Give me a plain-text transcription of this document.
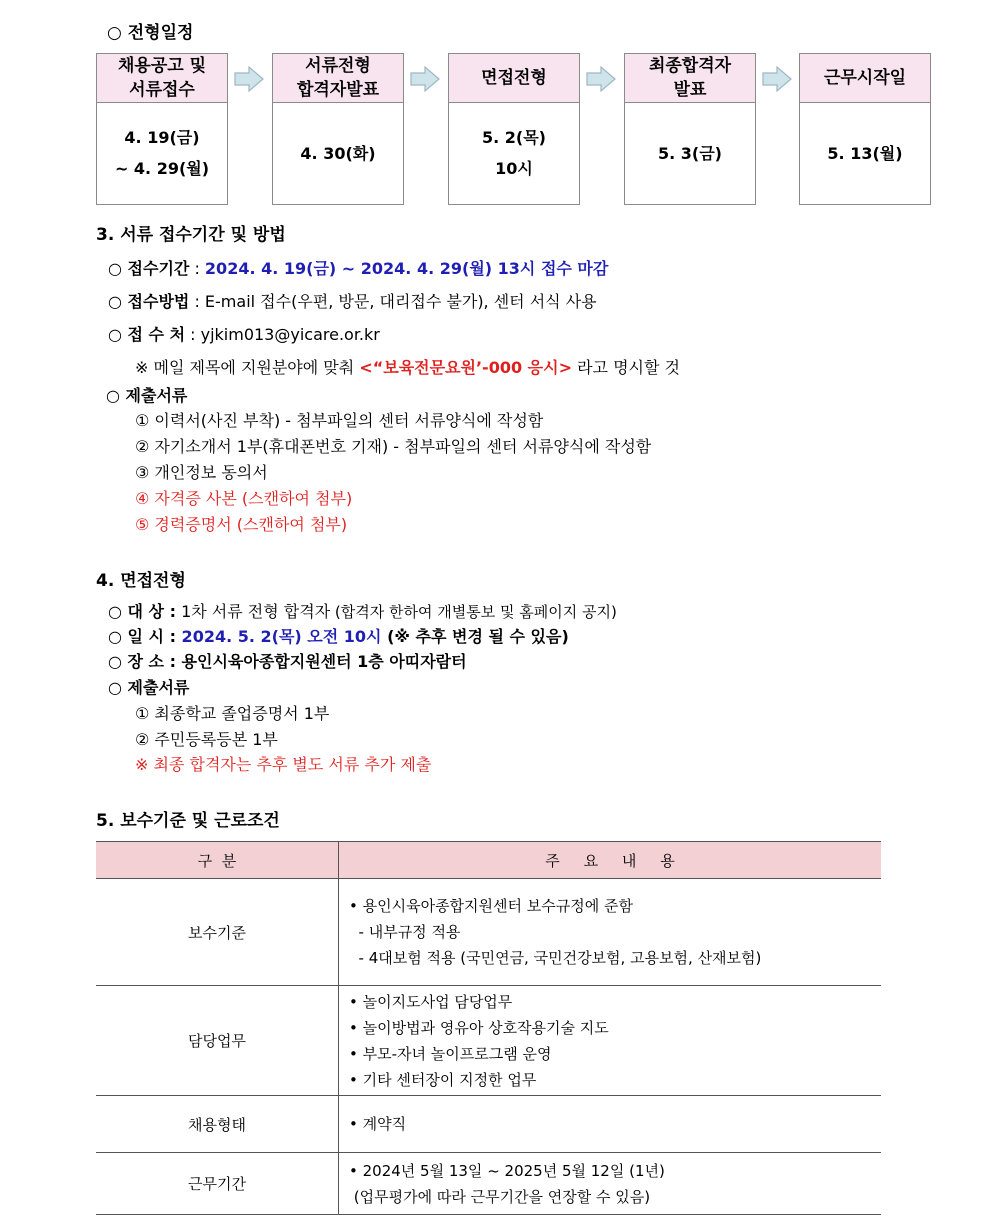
○ 전형일정
채용공고 및
서류접수
4. 19(금)
~ 4. 29(월)
서류전형
합격자발표
4. 30(화)
면접전형
5. 2(목)
10시
최종합격자
발표
5. 3(금)
근무시작일
5. 13(월)
3. 서류 접수기간 및 방법
○ 접수기간 : 2024. 4. 19(금) ~ 2024. 4. 29(월) 13시 접수 마감
○ 접수방법 : E-mail 접수(우편, 방문, 대리접수 불가), 센터 서식 사용
○ 접 수 처 : yjkim013@yicare.or.kr
※ 메일 제목에 지원분야에 맞춰 <“보육전문요원’-000 응시> 라고 명시할 것
○ 제출서류
① 이력서(사진 부착) - 첨부파일의 센터 서류양식에 작성함
② 자기소개서 1부(휴대폰번호 기재) - 첨부파일의 센터 서류양식에 작성함
③ 개인정보 동의서
④ 자격증 사본 (스캔하여 첨부)
⑤ 경력증명서 (스캔하여 첨부)
4. 면접전형
○ 대 상 : 1차 서류 전형 합격자 (합격자 한하여 개별통보 및 홈페이지 공지)
○ 일 시 : 2024. 5. 2(목) 오전 10시 (※ 추후 변경 될 수 있음)
○ 장 소 : 용인시육아종합지원센터 1층 아띠자람터
○ 제출서류
① 최종학교 졸업증명서 1부
② 주민등록등본 1부
※ 최종 합격자는 추후 별도 서류 추가 제출
5. 보수기준 및 근로조건
구  분	주     요     내     용
보수기준	• 용인시육아종합지원센터 보수규정에 준함
- 내부규정 적용
- 4대보험 적용 (국민연금, 국민건강보험, 고용보험, 산재보험)

담당업무	• 놀이지도사업 담당업무
• 놀이방법과 영유아 상호작용기술 지도
• 부모-자녀 놀이프로그램 운영
• 기타 센터장이 지정한 업무

채용형태	• 계약직

근무기간	• 2024년 5월 13일 ~ 2025년 5월 12일 (1년)
(업무평가에 따라 근무기간을 연장할 수 있음)
